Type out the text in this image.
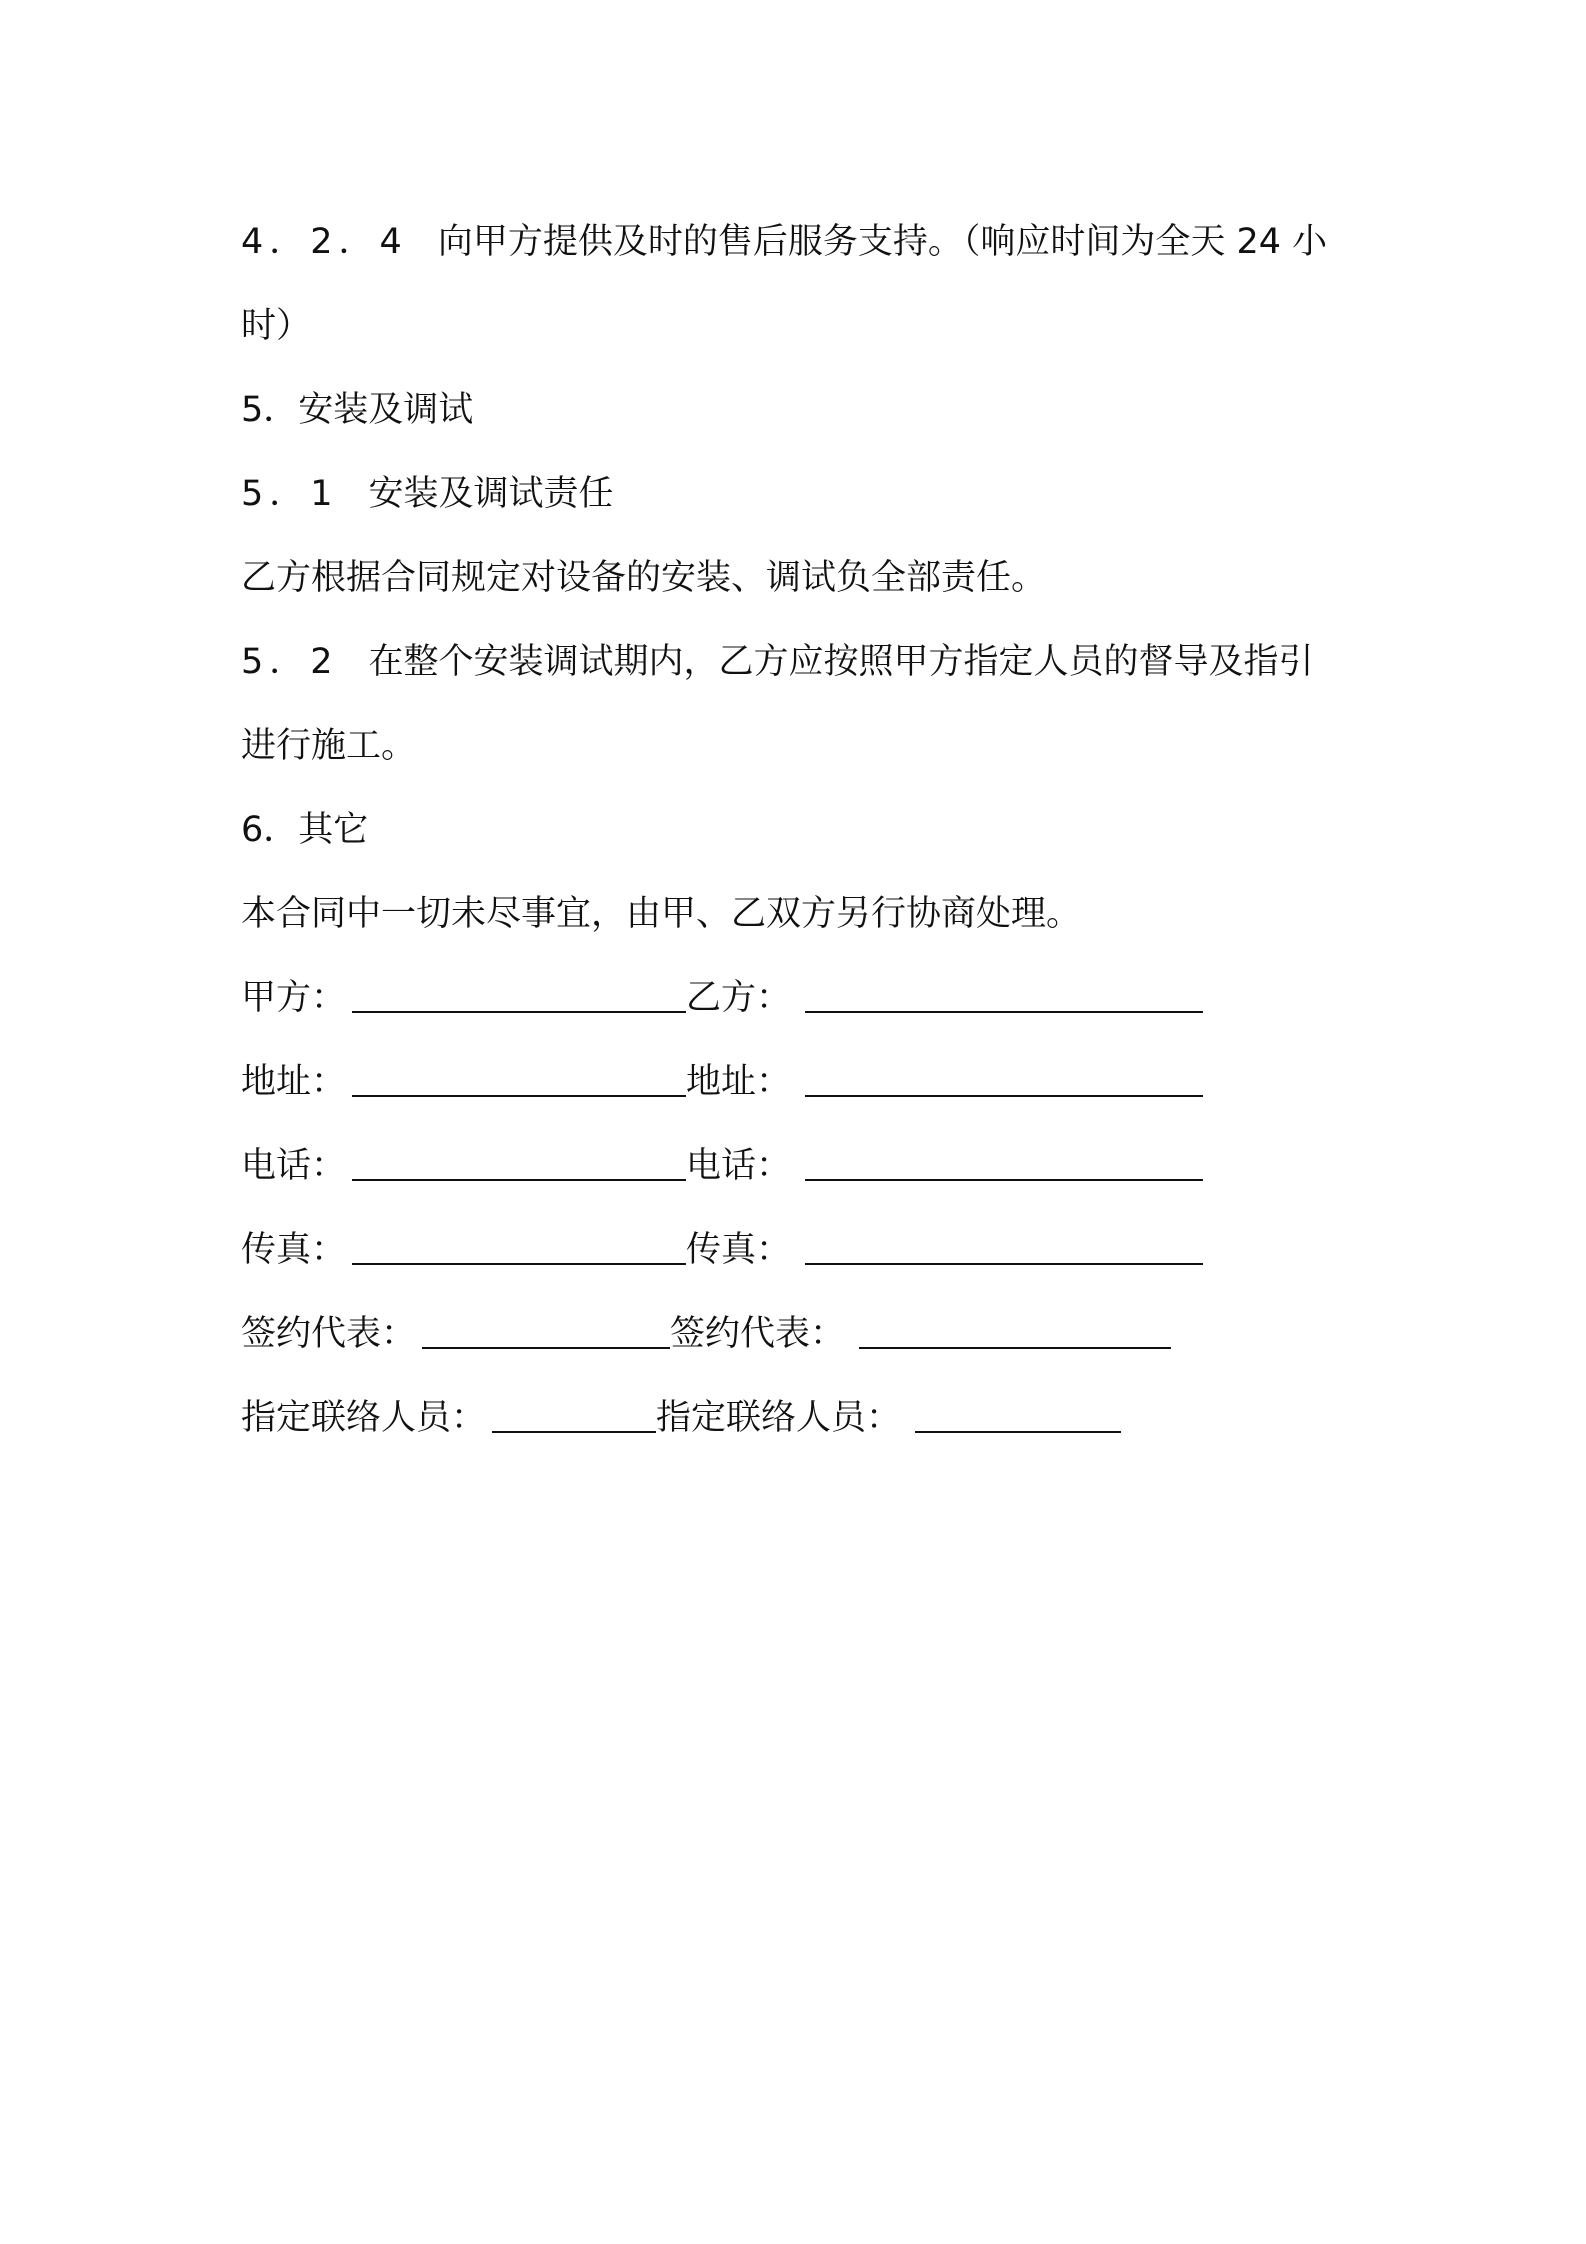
4．2．4 向甲方提供及时的售后服务支持。（响应时间为全天 24 小
时）
5．安装及调试
5．1 安装及调试责任
乙方根据合同规定对设备的安装、调试负全部责任。
5．2 在整个安装调试期内，乙方应按照甲方指定人员的督导及指引
进行施工。
6．其它
本合同中一切未尽事宜，由甲、乙双方另行协商处理。
甲方：	乙方：
地址：	地址：
电话：	电话：
传真：	传真：
签约代表：	签约代表：
指定联络人员：	指定联络人员：
